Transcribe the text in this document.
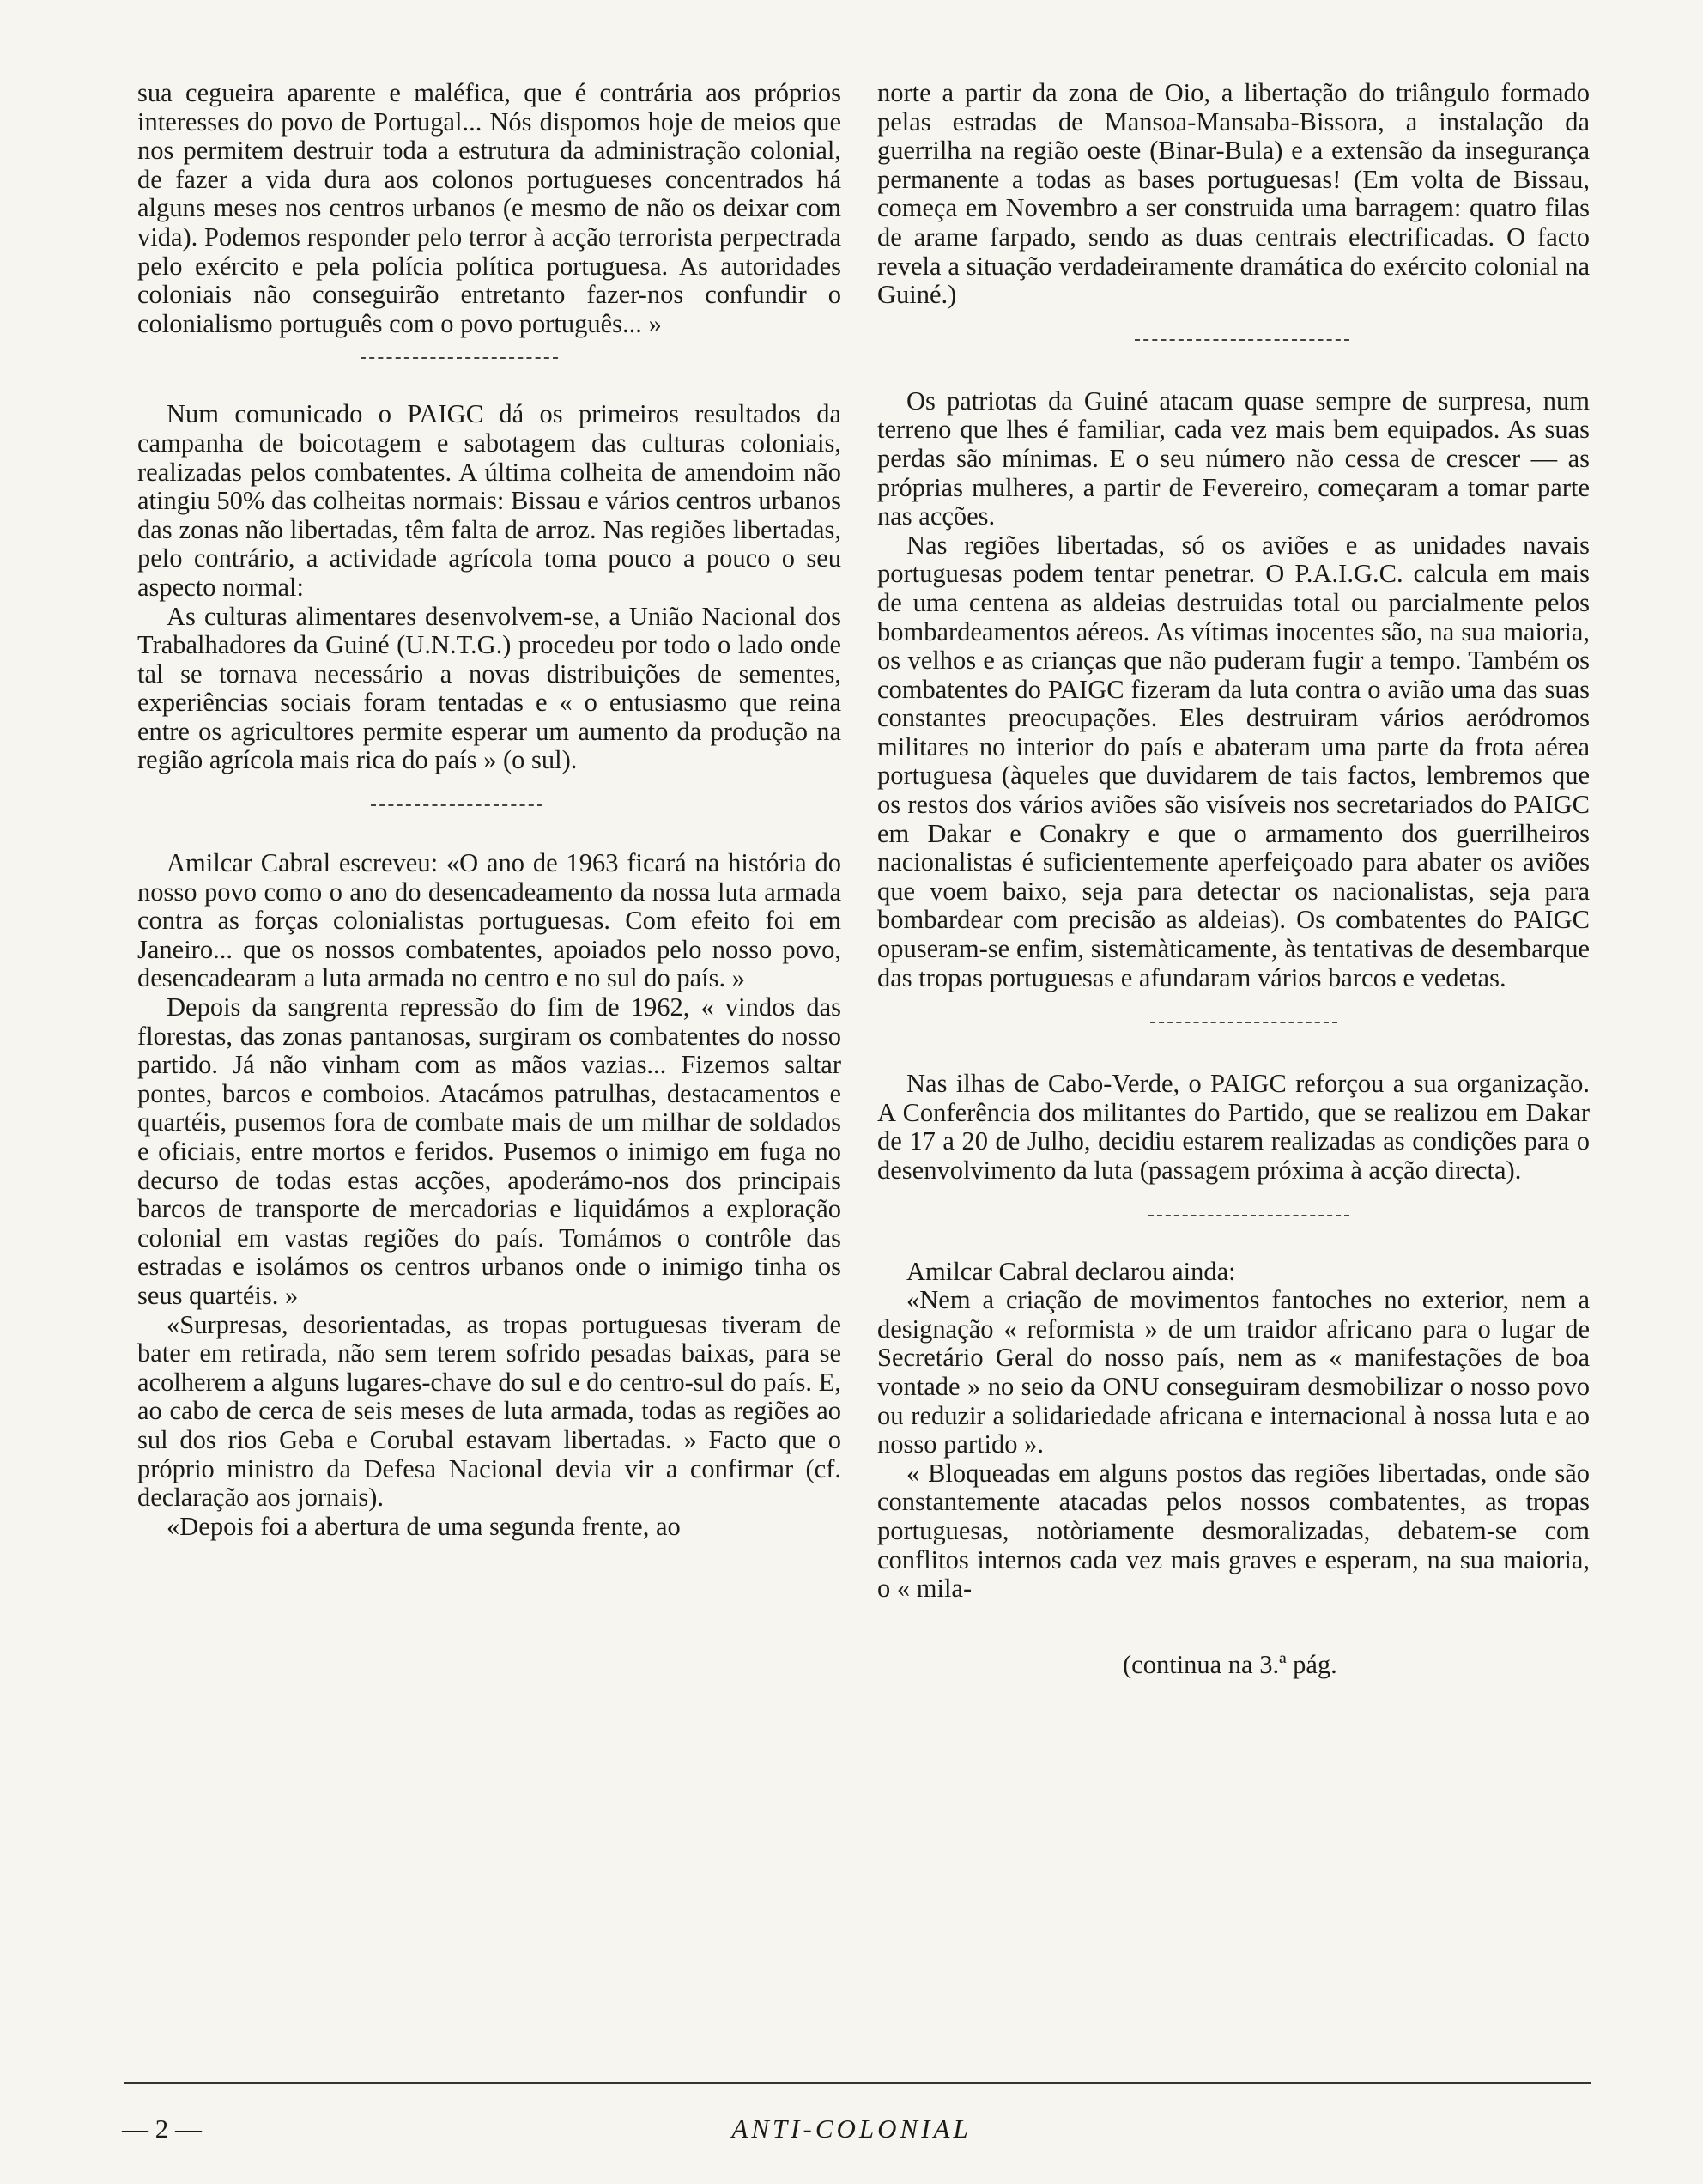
sua cegueira aparente e maléfica, que é contrária aos próprios interesses do povo de Portugal... Nós dispomos hoje de meios que nos permitem destruir toda a estrutura da administração colonial, de fazer a vida dura aos colonos portugueses concentrados há alguns meses nos centros urbanos (e mesmo de não os deixar com vida). Podemos responder pelo terror à acção terrorista perpectrada pelo exército e pela polícia política portuguesa. As autoridades coloniais não conseguirão entretanto fazer-nos confundir o colonialismo português com o povo português... »

Num comunicado o PAIGC dá os primeiros resultados da campanha de boicotagem e sabotagem das culturas coloniais, realizadas pelos combatentes. A última colheita de amendoim não atingiu 50% das colheitas normais: Bissau e vários centros urbanos das zonas não libertadas, têm falta de arroz. Nas regiões libertadas, pelo contrário, a actividade agrícola toma pouco a pouco o seu aspecto normal:

As culturas alimentares desenvolvem-se, a União Nacional dos Trabalhadores da Guiné (U.N.T.G.) procedeu por todo o lado onde tal se tornava necessário a novas distribuições de sementes, experiências sociais foram tentadas e « o entusiasmo que reina entre os agricultores permite esperar um aumento da produção na região agrícola mais rica do país » (o sul).

Amilcar Cabral escreveu: «O ano de 1963 ficará na história do nosso povo como o ano do desencadeamento da nossa luta armada contra as forças colonialistas portuguesas. Com efeito foi em Janeiro... que os nossos combatentes, apoiados pelo nosso povo, desencadearam a luta armada no centro e no sul do país. »

Depois da sangrenta repressão do fim de 1962, « vindos das florestas, das zonas pantanosas, surgiram os combatentes do nosso partido. Já não vinham com as mãos vazias... Fizemos saltar pontes, barcos e comboios. Atacámos patrulhas, destacamentos e quartéis, pusemos fora de combate mais de um milhar de soldados e oficiais, entre mortos e feridos. Pusemos o inimigo em fuga no decurso de todas estas acções, apoderámo-nos dos principais barcos de transporte de mercadorias e liquidámos a exploração colonial em vastas regiões do país. Tomámos o contrôle das estradas e isolámos os centros urbanos onde o inimigo tinha os seus quartéis. »

«Surpresas, desorientadas, as tropas portuguesas tiveram de bater em retirada, não sem terem sofrido pesadas baixas, para se acolherem a alguns lugares-chave do sul e do centro-sul do país. E, ao cabo de cerca de seis meses de luta armada, todas as regiões ao sul dos rios Geba e Corubal estavam libertadas. » Facto que o próprio ministro da Defesa Nacional devia vir a confirmar (cf. declaração aos jornais).

«Depois foi a abertura de uma segunda frente, ao

norte a partir da zona de Oio, a libertação do triângulo formado pelas estradas de Mansoa-Mansaba-Bissora, a instalação da guerrilha na região oeste (Binar-Bula) e a extensão da insegurança permanente a todas as bases portuguesas! (Em volta de Bissau, começa em Novembro a ser construida uma barragem: quatro filas de arame farpado, sendo as duas centrais electrificadas. O facto revela a situação verdadeiramente dramática do exército colonial na Guiné.)

Os patriotas da Guiné atacam quase sempre de surpresa, num terreno que lhes é familiar, cada vez mais bem equipados. As suas perdas são mínimas. E o seu número não cessa de crescer — as próprias mulheres, a partir de Fevereiro, começaram a tomar parte nas acções.

Nas regiões libertadas, só os aviões e as unidades navais portuguesas podem tentar penetrar. O P.A.I.G.C. calcula em mais de uma centena as aldeias destruidas total ou parcialmente pelos bombardeamentos aéreos. As vítimas inocentes são, na sua maioria, os velhos e as crianças que não puderam fugir a tempo. Também os combatentes do PAIGC fizeram da luta contra o avião uma das suas constantes preocupações. Eles destruiram vários aeródromos militares no interior do país e abateram uma parte da frota aérea portuguesa (àqueles que duvidarem de tais factos, lembremos que os restos dos vários aviões são visíveis nos secretariados do PAIGC em Dakar e Conakry e que o armamento dos guerrilheiros nacionalistas é suficientemente aperfeiçoado para abater os aviões que voem baixo, seja para detectar os nacionalistas, seja para bombardear com precisão as aldeias). Os combatentes do PAIGC opuseram-se enfim, sistemàticamente, às tentativas de desembarque das tropas portuguesas e afundaram vários barcos e vedetas.

Nas ilhas de Cabo-Verde, o PAIGC reforçou a sua organização. A Conferência dos militantes do Partido, que se realizou em Dakar de 17 a 20 de Julho, decidiu estarem realizadas as condições para o desenvolvimento da luta (passagem próxima à acção directa).

Amilcar Cabral declarou ainda:

«Nem a criação de movimentos fantoches no exterior, nem a designação « reformista » de um traidor africano para o lugar de Secretário Geral do nosso país, nem as « manifestações de boa vontade » no seio da ONU conseguiram desmobilizar o nosso povo ou reduzir a solidariedade africana e internacional à nossa luta e ao nosso partido ».

« Bloqueadas em alguns postos das regiões libertadas, onde são constantemente atacadas pelos nossos combatentes, as tropas portuguesas, notòriamente desmoralizadas, debatem-se com conflitos internos cada vez mais graves e esperam, na sua maioria, o « mila-

(continua na 3.ª pág.
— 2 —	ANTI-COLONIAL
